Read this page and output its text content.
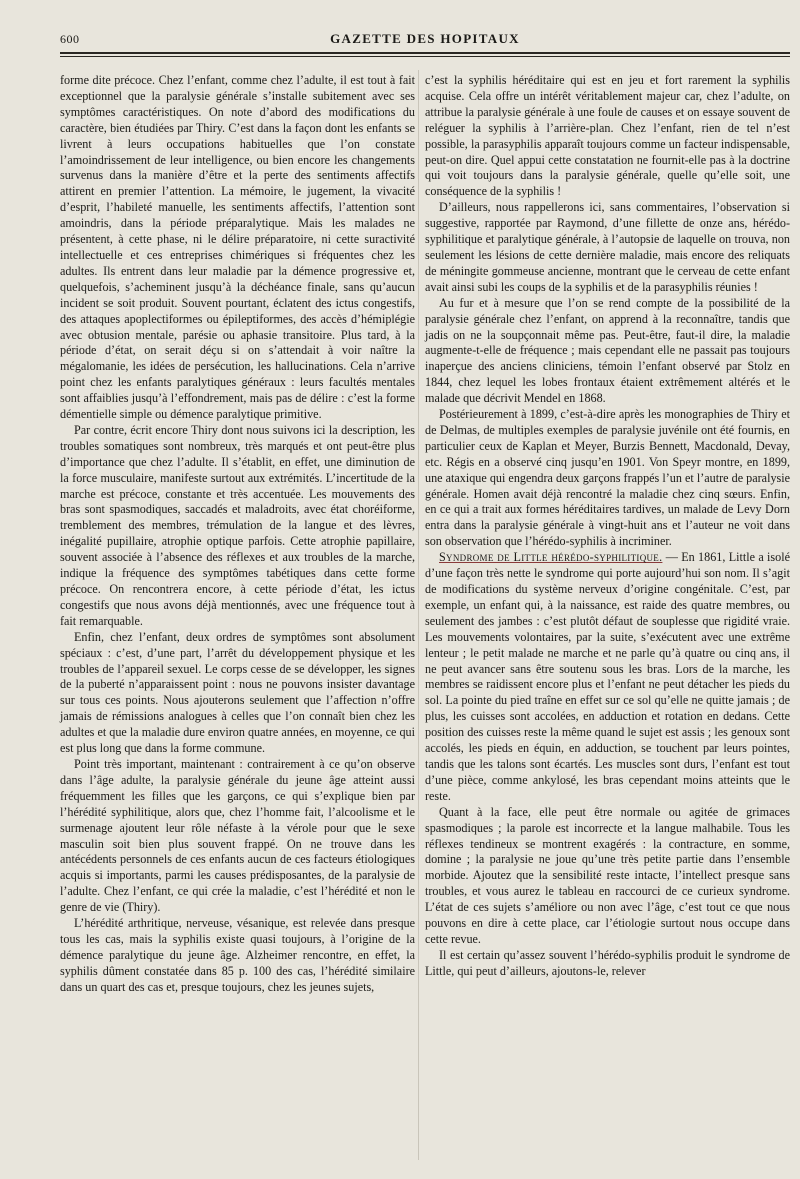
600	GAZETTE DES HOPITAUX

forme dite précoce. Chez l’enfant, comme chez l’adulte, il est tout à fait exceptionnel que la paralysie générale s’installe subitement avec ses symptômes caractéristiques. On note d’abord des modifications du caractère, bien étudiées par Thiry. C’est dans la façon dont les enfants se livrent à leurs occupations habituelles que l’on constate l’amoindrissement de leur intelligence, ou bien encore les changements survenus dans la manière d’être et la perte des sentiments affectifs attirent en premier l’attention. La mémoire, le jugement, la vivacité d’esprit, l’habileté manuelle, les sentiments affectifs, l’attention sont amoindris, dans la période préparalytique. Mais les malades ne présentent, à cette phase, ni le délire préparatoire, ni cette suractivité intellectuelle et ces entreprises chimériques si fréquentes chez les adultes. Ils entrent dans leur maladie par la démence progressive et, quelquefois, s’acheminent jusqu’à la déchéance finale, sans qu’aucun incident se soit produit. Souvent pourtant, éclatent des ictus congestifs, des attaques apoplectiformes ou épileptiformes, des accès d’hémiplégie avec obtusion mentale, parésie ou aphasie transitoire. Plus tard, à la période d’état, on serait déçu si on s’attendait à voir naître la mégalomanie, les idées de persécution, les hallucinations. Cela n’arrive point chez les enfants paralytiques généraux : leurs facultés mentales sont affaiblies jusqu’à l’effondrement, mais pas de délire : c’est la forme démentielle simple ou démence paralytique primitive.

Par contre, écrit encore Thiry dont nous suivons ici la description, les troubles somatiques sont nombreux, très marqués et ont peut-être plus d’importance que chez l’adulte. Il s’établit, en effet, une diminution de la force musculaire, manifeste surtout aux extrémités. L’incertitude de la marche est précoce, constante et très accentuée. Les mouvements des bras sont spasmodiques, saccadés et maladroits, avec état choréiforme, tremblement des membres, trémulation de la langue et des lèvres, inégalité pupillaire, atrophie optique parfois. Cette atrophie papillaire, souvent associée à l’absence des réflexes et aux troubles de la marche, indique la fréquence des symptômes tabétiques dans cette forme précoce. On rencontrera encore, à cette période d’état, les ictus congestifs que nous avons déjà mentionnés, avec une fréquence tout à fait remarquable.

Enfin, chez l’enfant, deux ordres de symptômes sont absolument spéciaux : c’est, d’une part, l’arrêt du développement physique et les troubles de l’appareil sexuel. Le corps cesse de se développer, les signes de la puberté n’apparaissent point : nous ne pouvons insister davantage sur tous ces points. Nous ajouterons seulement que l’affection n’offre jamais de rémissions analogues à celles que l’on connaît bien chez les adultes et que la maladie dure environ quatre années, en moyenne, ce qui est plus long que dans la forme commune.

Point très important, maintenant : contrairement à ce qu’on observe dans l’âge adulte, la paralysie générale du jeune âge atteint aussi fréquemment les filles que les garçons, ce qui s’explique bien par l’hérédité syphilitique, alors que, chez l’homme fait, l’alcoolisme et le surmenage ajoutent leur rôle néfaste à la vérole pour que le sexe masculin soit bien plus souvent frappé. On ne trouve dans les antécédents personnels de ces enfants aucun de ces facteurs étiologiques acquis si importants, parmi les causes prédisposantes, de la paralysie de l’adulte. Chez l’enfant, ce qui crée la maladie, c’est l’hérédité et non le genre de vie (Thiry).

L’hérédité arthritique, nerveuse, vésanique, est relevée dans presque tous les cas, mais la syphilis existe quasi toujours, à l’origine de la démence paralytique du jeune âge. Alzheimer rencontre, en effet, la syphilis dûment constatée dans 85 p. 100 des cas, l’hérédité similaire dans un quart des cas et, presque toujours, chez les jeunes sujets,

c’est la syphilis héréditaire qui est en jeu et fort rarement la syphilis acquise. Cela offre un intérêt véritablement majeur car, chez l’adulte, on attribue la paralysie générale à une foule de causes et on essaye souvent de reléguer la syphilis à l’arrière-plan. Chez l’enfant, rien de tel n’est possible, la parasyphilis apparaît toujours comme un facteur indispensable, peut-on dire. Quel appui cette constatation ne fournit-elle pas à la doctrine qui voit toujours dans la paralysie générale, quelle qu’elle soit, une conséquence de la syphilis !

D’ailleurs, nous rappellerons ici, sans commentaires, l’observation si suggestive, rapportée par Raymond, d’une fillette de onze ans, hérédo-syphilitique et paralytique générale, à l’autopsie de laquelle on trouva, non seulement les lésions de cette dernière maladie, mais encore des reliquats de méningite gommeuse ancienne, montrant que le cerveau de cette enfant avait ainsi subi les coups de la syphilis et de la parasyphilis réunies !

Au fur et à mesure que l’on se rend compte de la possibilité de la paralysie générale chez l’enfant, on apprend à la reconnaître, tandis que jadis on ne la soupçonnait même pas. Peut-être, faut-il dire, la maladie augmente-t-elle de fréquence ; mais cependant elle ne passait pas toujours inaperçue des anciens cliniciens, témoin l’enfant observé par Stolz en 1844, chez lequel les lobes frontaux étaient extrêmement altérés et le malade que décrivit Mendel en 1868.

Postérieurement à 1899, c’est-à-dire après les monographies de Thiry et de Delmas, de multiples exemples de paralysie juvénile ont été fournis, en particulier ceux de Kaplan et Meyer, Burzis Bennett, Macdonald, Devay, etc. Régis en a observé cinq jusqu’en 1901. Von Speyr montre, en 1899, une ataxique qui engendra deux garçons frappés l’un et l’autre de paralysie générale. Homen avait déjà rencontré la maladie chez cinq sœurs. Enfin, en ce qui a trait aux formes héréditaires tardives, un malade de Levy Dorn entra dans la paralysie générale à vingt-huit ans et l’auteur ne voit dans son observation que l’hérédo-syphilis à incriminer.

Syndrome de Little hérédo-syphilitique. — En 1861, Little a isolé d’une façon très nette le syndrome qui porte aujourd’hui son nom. Il s’agit de modifications du système nerveux d’origine congénitale. C’est, par exemple, un enfant qui, à la naissance, est raide des quatre membres, ou seulement des jambes : c’est plutôt défaut de souplesse que rigidité vraie. Les mouvements volontaires, par la suite, s’exécutent avec une extrême lenteur ; le petit malade ne marche et ne parle qu’à quatre ou cinq ans, il ne peut avancer sans être soutenu sous les bras. Lors de la marche, les membres se raidissent encore plus et l’enfant ne peut détacher les pieds du sol. La pointe du pied traîne en effet sur ce sol qu’elle ne quitte jamais ; de plus, les cuisses sont accolées, en adduction et rotation en dedans. Cette position des cuisses reste la même quand le sujet est assis ; les genoux sont accolés, les pieds en équin, en adduction, se touchent par leurs pointes, tandis que les talons sont écartés. Les muscles sont durs, l’enfant est tout d’une pièce, comme ankylosé, les bras cependant moins atteints que le reste.

Quant à la face, elle peut être normale ou agitée de grimaces spasmodiques ; la parole est incorrecte et la langue malhabile. Tous les réflexes tendineux se montrent exagérés : la contracture, en somme, domine ; la paralysie ne joue qu’une très petite partie dans l’ensemble morbide. Ajoutez que la sensibilité reste intacte, l’intellect presque sans troubles, et vous aurez le tableau en raccourci de ce curieux syndrome. L’état de ces sujets s’améliore ou non avec l’âge, c’est tout ce que nous pouvons en dire à cette place, car l’étiologie surtout nous occupe dans cette revue.

Il est certain qu’assez souvent l’hérédo-syphilis produit le syndrome de Little, qui peut d’ailleurs, ajoutons-le, relever
